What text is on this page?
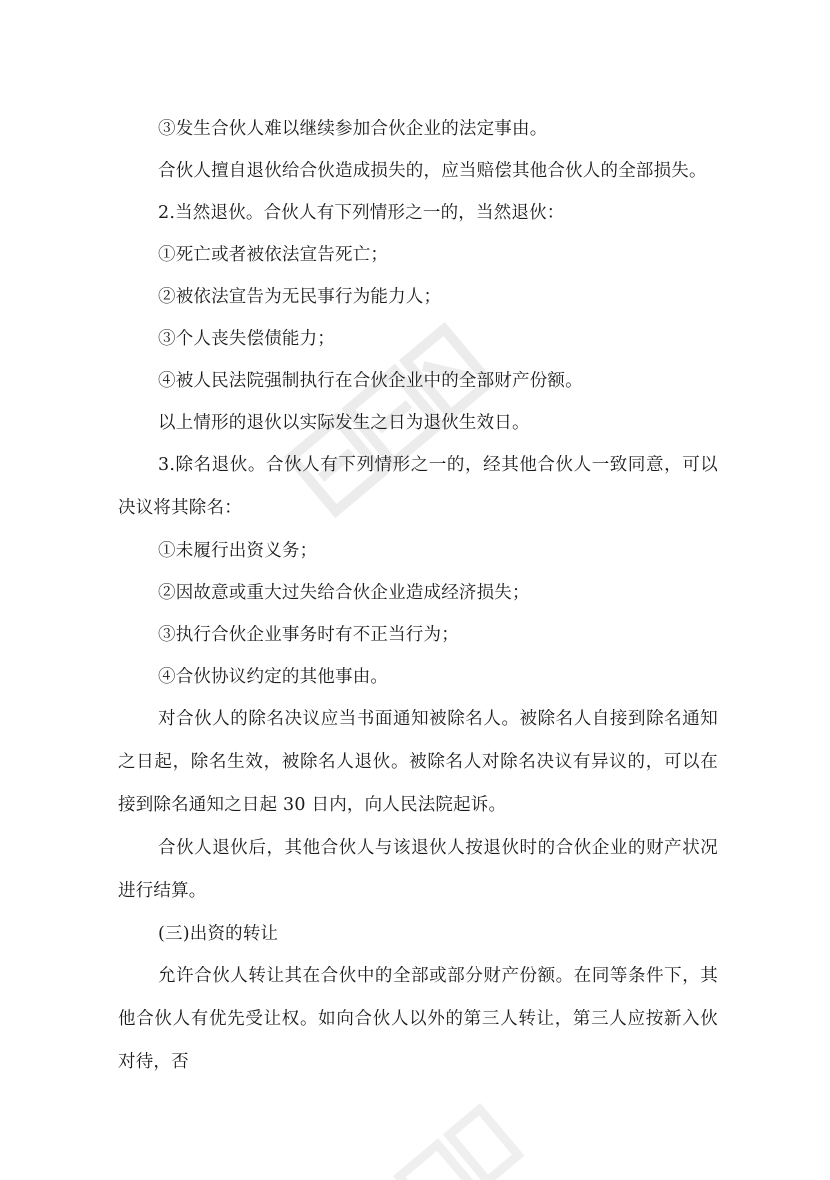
③发生合伙人难以继续参加合伙企业的法定事由。

合伙人擅自退伙给合伙造成损失的，应当赔偿其他合伙人的全部损失。

2.当然退伙。合伙人有下列情形之一的，当然退伙：

①死亡或者被依法宣告死亡；

②被依法宣告为无民事行为能力人；

③个人丧失偿债能力；

④被人民法院强制执行在合伙企业中的全部财产份额。

以上情形的退伙以实际发生之日为退伙生效日。

3.除名退伙。合伙人有下列情形之一的，经其他合伙人一致同意，可以决议将其除名：

①未履行出资义务；

②因故意或重大过失给合伙企业造成经济损失；

③执行合伙企业事务时有不正当行为；

④合伙协议约定的其他事由。

对合伙人的除名决议应当书面通知被除名人。被除名人自接到除名通知之日起，除名生效，被除名人退伙。被除名人对除名决议有异议的，可以在接到除名通知之日起 30 日内，向人民法院起诉。

合伙人退伙后，其他合伙人与该退伙人按退伙时的合伙企业的财产状况进行结算。

(三)出资的转让

允许合伙人转让其在合伙中的全部或部分财产份额。在同等条件下，其他合伙人有优先受让权。如向合伙人以外的第三人转让，第三人应按新入伙对待，否
